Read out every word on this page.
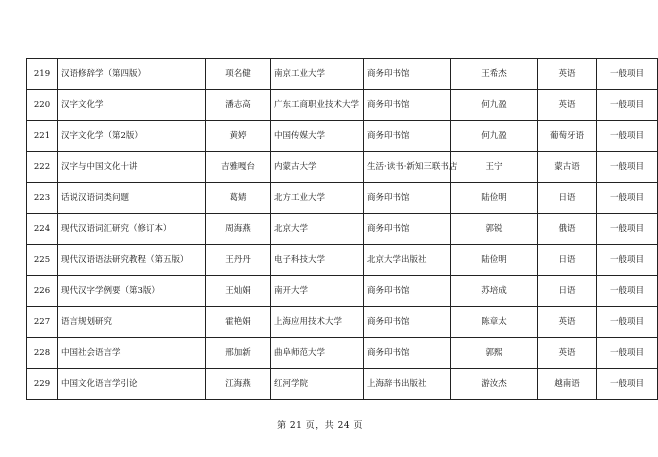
219	汉语修辞学（第四版）	项名健	南京工业大学	商务印书馆	王希杰	英语	一般项目
220	汉字文化学	潘志高	广东工商职业技术大学	商务印书馆	何九盈	英语	一般项目
221	汉字文化学（第2版）	黄婷	中国传媒大学	商务印书馆	何九盈	葡萄牙语	一般项目
222	汉字与中国文化十讲	吉雅嘎台	内蒙古大学	生活·读书·新知三联书店	王宁	蒙古语	一般项目
223	话说汉语词类问题	葛婧	北方工业大学	商务印书馆	陆俭明	日语	一般项目
224	现代汉语词汇研究（修订本）	周海燕	北京大学	商务印书馆	郭锐	俄语	一般项目
225	现代汉语语法研究教程（第五版）	王丹丹	电子科技大学	北京大学出版社	陆俭明	日语	一般项目
226	现代汉字学例要（第3版）	王灿娟	南开大学	商务印书馆	苏培成	日语	一般项目
227	语言规划研究	霍艳娟	上海应用技术大学	商务印书馆	陈章太	英语	一般项目
228	中国社会语言学	邢加新	曲阜师范大学	商务印书馆	郭熙	英语	一般项目
229	中国文化语言学引论	江海燕	红河学院	上海辞书出版社	游汝杰	越南语	一般项目
第 21 页，共 24 页
